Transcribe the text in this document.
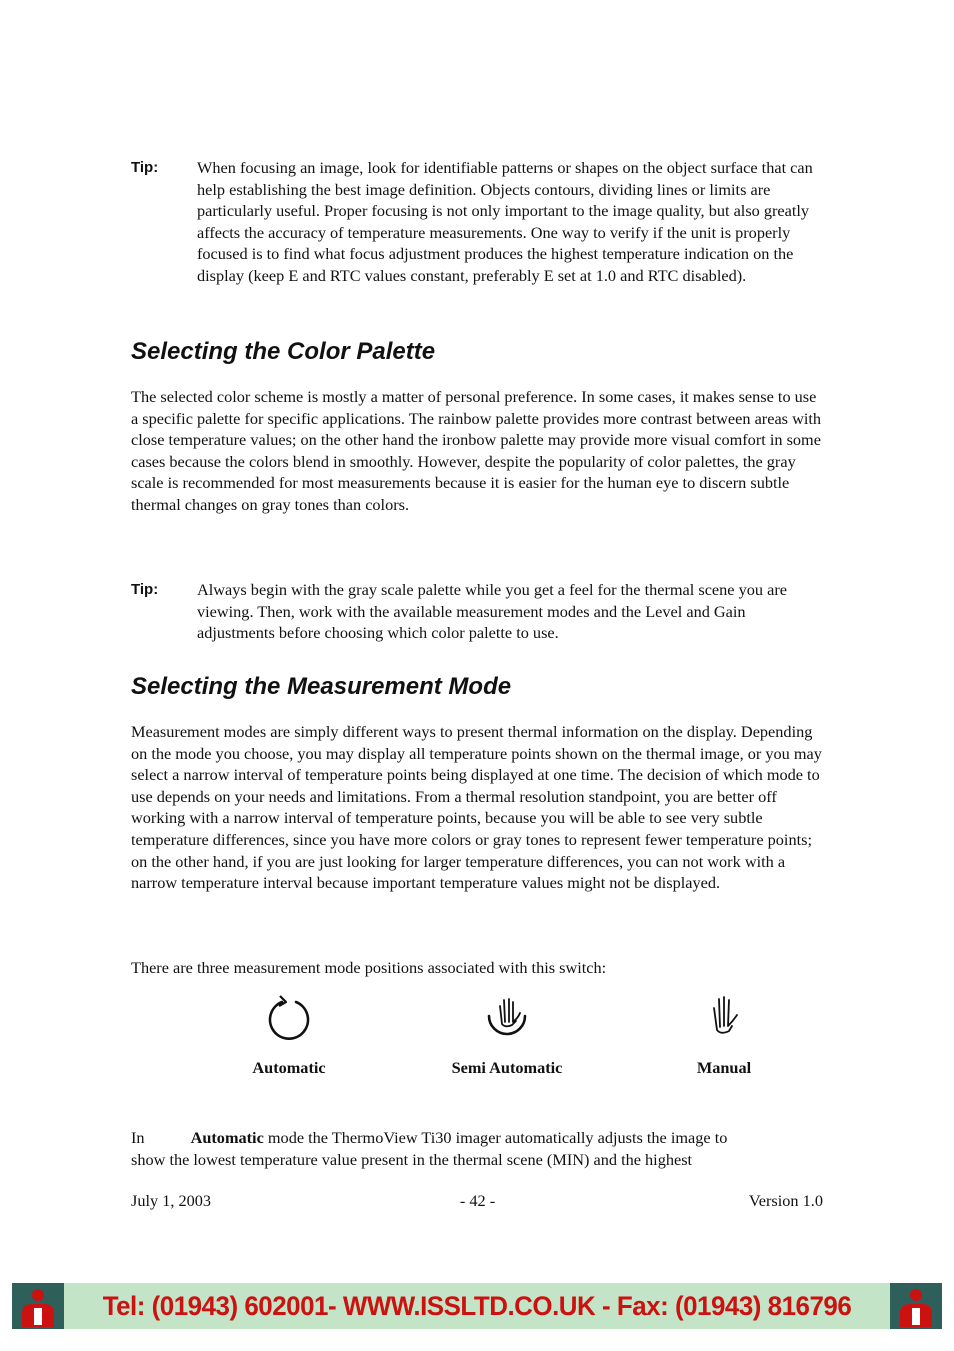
Tip: When focusing an image, look for identifiable patterns or shapes on the object surface that can help establishing the best image definition. Objects contours, dividing lines or limits are particularly useful. Proper focusing is not only important to the image quality, but also greatly affects the accuracy of temperature measurements. One way to verify if the unit is properly focused is to find what focus adjustment produces the highest temperature indication on the display (keep E and RTC values constant, preferably E set at 1.0 and RTC disabled).
Selecting the Color Palette

The selected color scheme is mostly a matter of personal preference. In some cases, it makes sense to use a specific palette for specific applications. The rainbow palette provides more contrast between areas with close temperature values; on the other hand the ironbow palette may provide more visual comfort in some cases because the colors blend in smoothly. However, despite the popularity of color palettes, the gray scale is recommended for most measurements because it is easier for the human eye to discern subtle thermal changes on gray tones than colors.

Tip: Always begin with the gray scale palette while you get a feel for the thermal scene you are viewing. Then, work with the available measurement modes and the Level and Gain adjustments before choosing which color palette to use.
Selecting the Measurement Mode

Measurement modes are simply different ways to present thermal information on the display. Depending on the mode you choose, you may display all temperature points shown on the thermal image, or you may select a narrow interval of temperature points being displayed at one time. The decision of which mode to use depends on your needs and limitations. From a thermal resolution standpoint, you are better off working with a narrow interval of temperature points, because you will be able to see very subtle temperature differences, since you have more colors or gray tones to represent fewer temperature points; on the other hand, if you are just looking for larger temperature differences, you can not work with a narrow temperature interval because important temperature values might not be displayed.

There are three measurement mode positions associated with this switch:

Automatic	Semi Automatic	Manual

In	Automatic mode the ThermoView Ti30 imager automatically adjusts the image to
show the lowest temperature value present in the thermal scene (MIN) and the highest

July 1, 2003	- 42 -	Version 1.0
Tel: (01943) 602001- WWW.ISSLTD.CO.UK - Fax: (01943) 816796
